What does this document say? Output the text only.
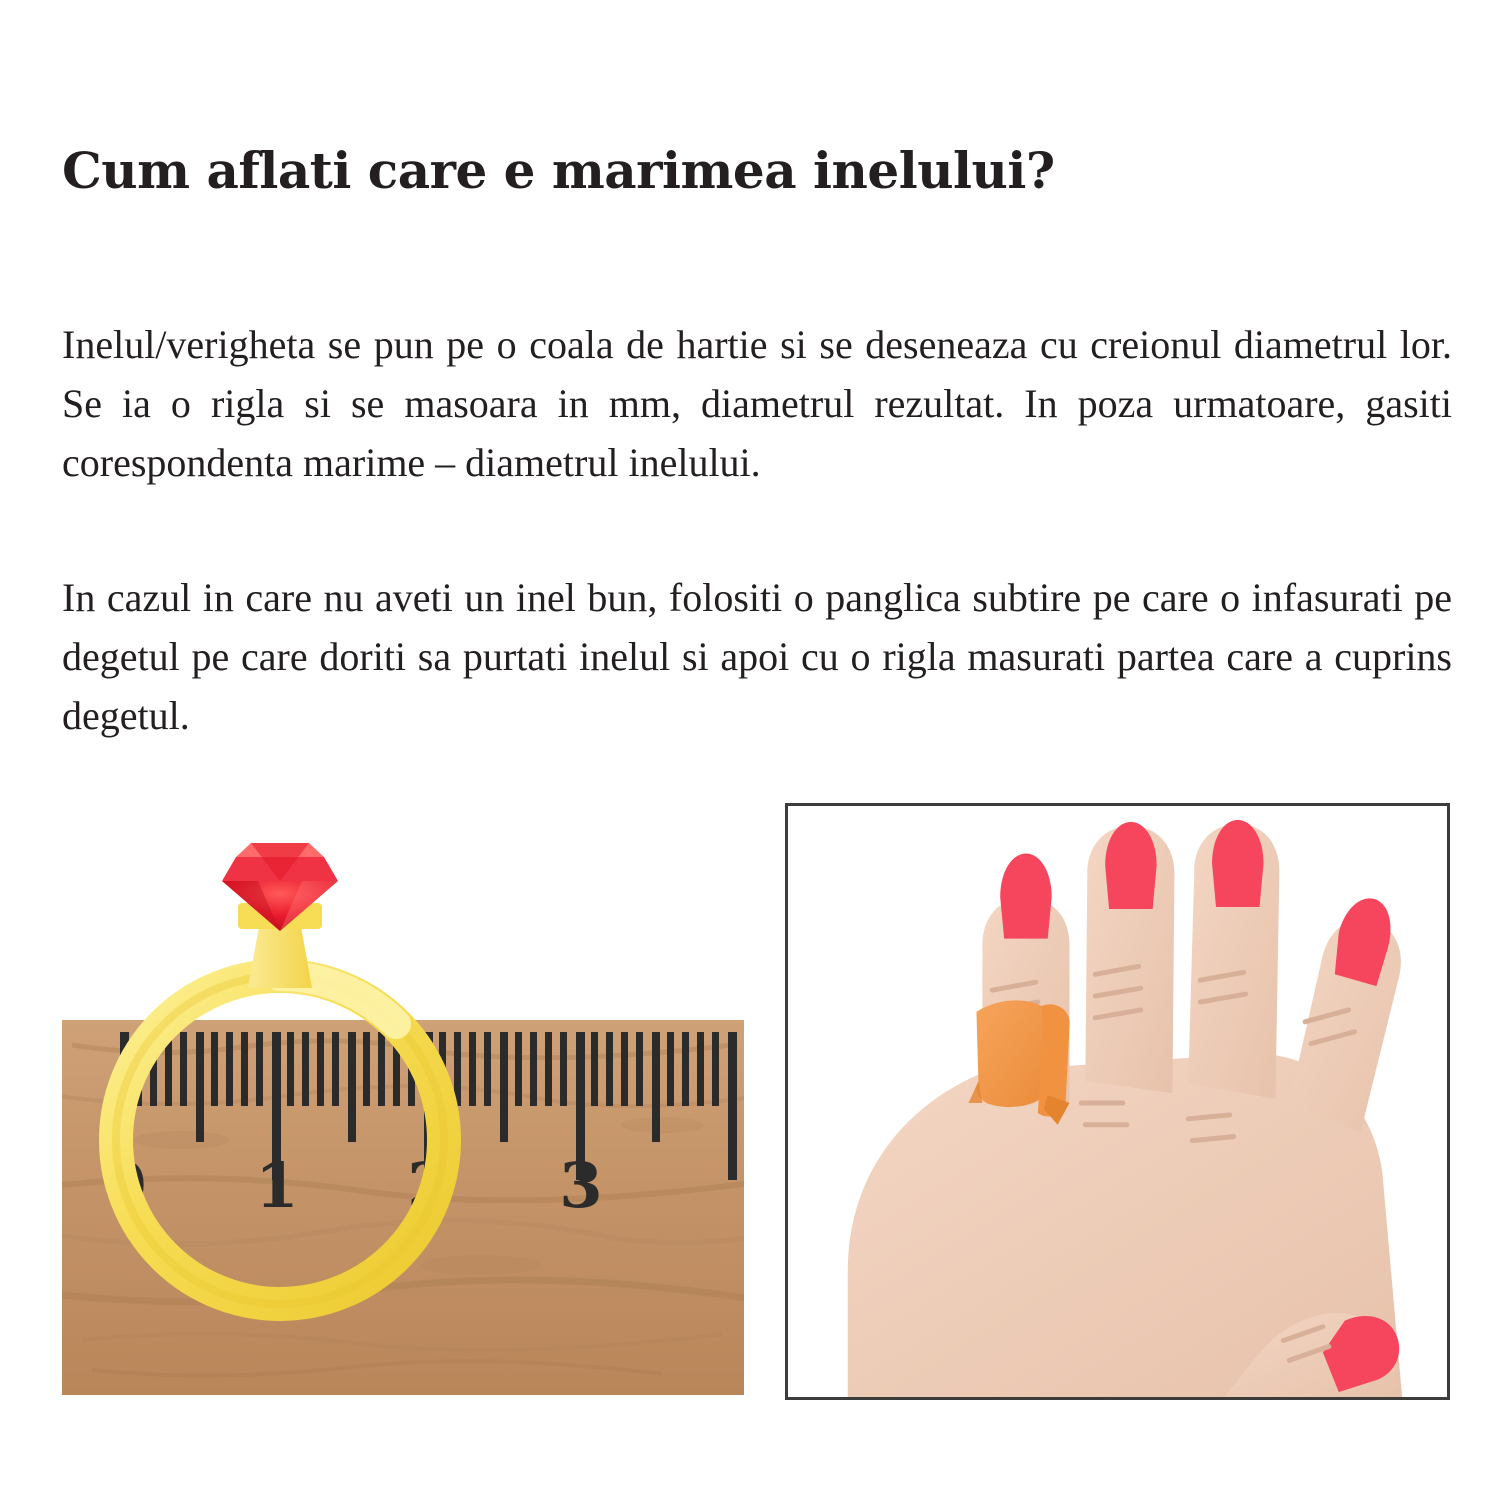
Cum aflati care e marimea inelului?

Inelul/verigheta se pun pe o coala de hartie si se deseneaza cu creionul diametrul lor. Se ia o rigla si se masoara in mm, diametrul rezultat. In poza urmatoare, gasiti corespondenta marime – diametrul inelului.

In cazul in care nu aveti un inel bun, folositi o panglica subtire pe care o infasurati pe degetul pe care doriti sa purtati inelul si apoi cu o rigla masurati partea care a cuprins degetul.

0 1 2 3
